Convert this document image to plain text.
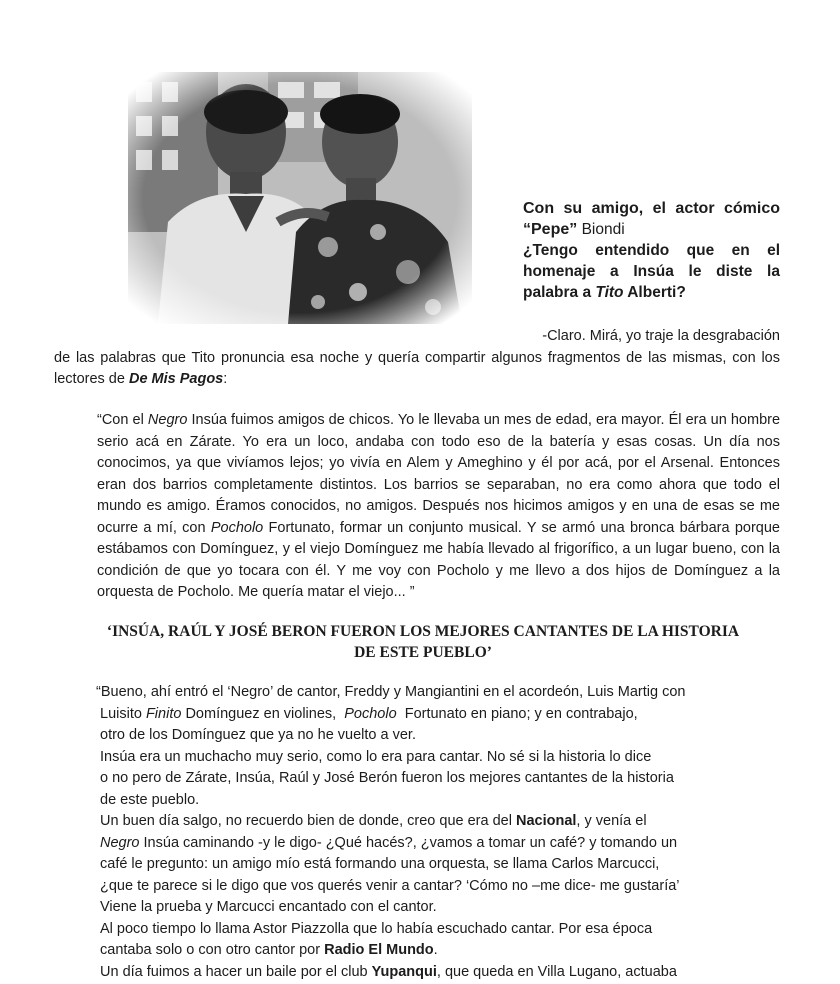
Con su amigo, el actor cómico “Pepe” Biondi
¿Tengo entendido que en el homenaje a Insúa le diste la palabra a Tito Alberti?
-Claro. Mirá, yo traje la desgrabación
de las palabras que Tito pronuncia esa noche y quería compartir algunos fragmentos de las mismas, con los lectores de De Mis Pagos:
“Con el Negro Insúa fuimos amigos de chicos. Yo le llevaba un mes de edad, era mayor. Él era un hombre serio acá en Zárate. Yo era un loco, andaba con todo eso de la batería y esas cosas. Un día nos conocimos, ya que vivíamos lejos; yo vivía en Alem y Ameghino y él por acá, por el Arsenal. Entonces eran dos barrios completamente distintos. Los barrios se separaban, no era como ahora que todo el mundo es amigo. Éramos conocidos, no amigos. Después nos hicimos amigos y en una de esas se me ocurre a mí, con Pocholo Fortunato, formar un conjunto musical. Y se armó una bronca bárbara porque estábamos con Domínguez, y el viejo Domínguez me había llevado al frigorífico, a un lugar bueno, con la condición de que yo tocara con él. Y me voy con Pocholo y me llevo a dos hijos de Domínguez a la orquesta de Pocholo. Me quería matar el viejo... ”
‘INSÚA, RAÚL Y JOSÉ BERON FUERON LOS MEJORES CANTANTES DE LA HISTORIA
DE ESTE PUEBLO’
“Bueno, ahí entró el ‘Negro’ de cantor, Freddy y Mangiantini en el acordeón, Luis Martig con
Luisito Finito Domínguez en violines, Pocholo Fortunato en piano; y en contrabajo,
otro de los Domínguez que ya no he vuelto a ver.
Insúa era un muchacho muy serio, como lo era para cantar. No sé si la historia lo dice
o no pero de Zárate, Insúa, Raúl y José Berón fueron los mejores cantantes de la historia
de este pueblo.
Un buen día salgo, no recuerdo bien de donde, creo que era del Nacional, y venía el
Negro Insúa caminando -y le digo- ¿Qué hacés?, ¿vamos a tomar un café? y tomando un
café le pregunto: un amigo mío está formando una orquesta, se llama Carlos Marcucci,
¿que te parece si le digo que vos querés venir a cantar? ‘Cómo no –me dice- me gustaría’
Viene la prueba y Marcucci encantado con el cantor.
Al poco tiempo lo llama Astor Piazzolla que lo había escuchado cantar. Por esa época
cantaba solo o con otro cantor por Radio El Mundo.
Un día fuimos a hacer un baile por el club Yupanqui, que queda en Villa Lugano, actuaba
